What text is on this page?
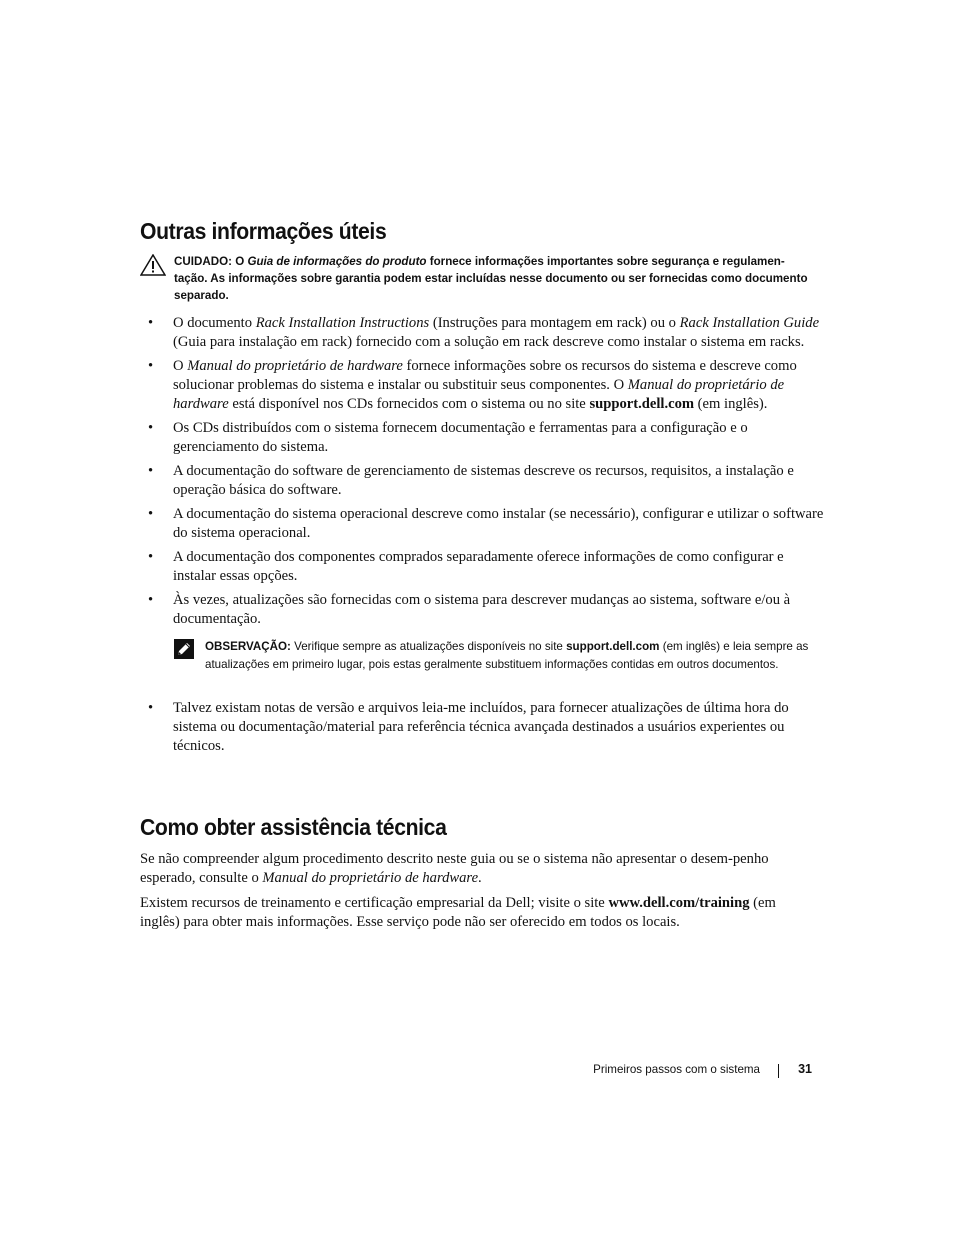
Outras informações úteis
CUIDADO: O Guia de informações do produto fornece informações importantes sobre segurança e regulamen-tação. As informações sobre garantia podem estar incluídas nesse documento ou ser fornecidas como documento separado.
• O documento Rack Installation Instructions (Instruções para montagem em rack) ou o Rack Installation Guide (Guia para instalação em rack) fornecido com a solução em rack descreve como instalar o sistema em racks.
• O Manual do proprietário de hardware fornece informações sobre os recursos do sistema e descreve como solucionar problemas do sistema e instalar ou substituir seus componentes. O Manual do proprietário de hardware está disponível nos CDs fornecidos com o sistema ou no site support.dell.com (em inglês).
• Os CDs distribuídos com o sistema fornecem documentação e ferramentas para a configuração e o gerenciamento do sistema.
• A documentação do software de gerenciamento de sistemas descreve os recursos, requisitos, a instalação e operação básica do software.
• A documentação do sistema operacional descreve como instalar (se necessário), configurar e utilizar o software do sistema operacional.
• A documentação dos componentes comprados separadamente oferece informações de como configurar e instalar essas opções.
• Às vezes, atualizações são fornecidas com o sistema para descrever mudanças ao sistema, software e/ou à documentação.
OBSERVAÇÃO: Verifique sempre as atualizações disponíveis no site support.dell.com (em inglês) e leia sempre as atualizações em primeiro lugar, pois estas geralmente substituem informações contidas em outros documentos.
• Talvez existam notas de versão e arquivos leia-me incluídos, para fornecer atualizações de última hora do sistema ou documentação/material para referência técnica avançada destinados a usuários experientes ou técnicos.
Como obter assistência técnica

Se não compreender algum procedimento descrito neste guia ou se o sistema não apresentar o desem-penho esperado, consulte o Manual do proprietário de hardware.

Existem recursos de treinamento e certificação empresarial da Dell; visite o site www.dell.com/training (em inglês) para obter mais informações. Esse serviço pode não ser oferecido em todos os locais.

Primeiros passos com o sistema	31
